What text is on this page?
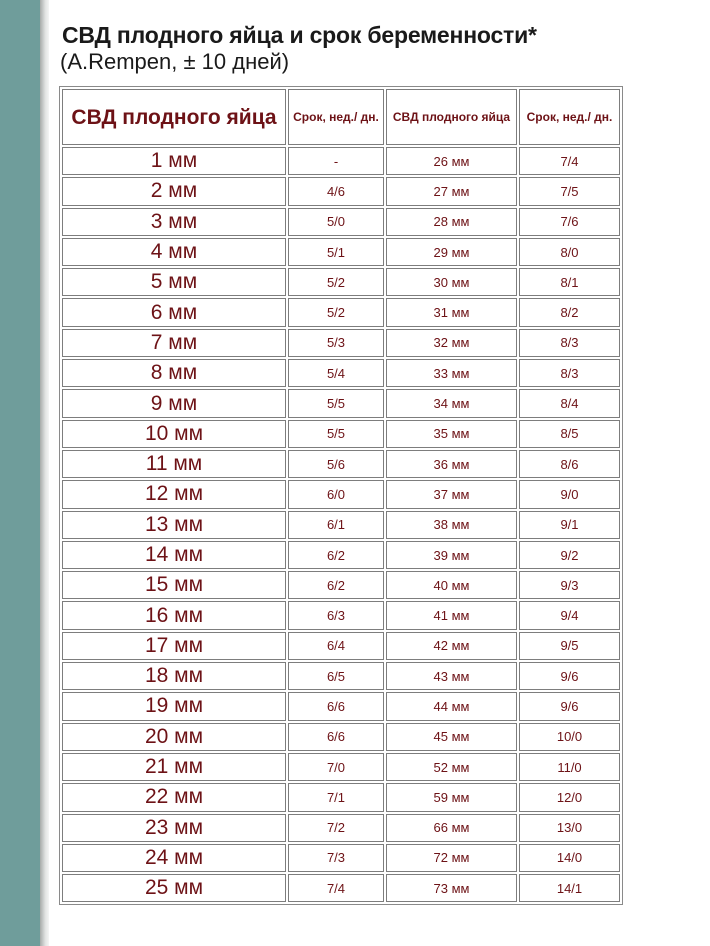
СВД плодного яйца и срок беременности*
(A.Rempen, ± 10 дней)
СВД плодного яйца	Срок, нед./ дн.	СВД плодного яйца	Срок, нед./ дн.
1 мм	-	26 мм	7/4
2 мм	4/6	27 мм	7/5
3 мм	5/0	28 мм	7/6
4 мм	5/1	29 мм	8/0
5 мм	5/2	30 мм	8/1
6 мм	5/2	31 мм	8/2
7 мм	5/3	32 мм	8/3
8 мм	5/4	33 мм	8/3
9 мм	5/5	34 мм	8/4
10 мм	5/5	35 мм	8/5
11 мм	5/6	36 мм	8/6
12 мм	6/0	37 мм	9/0
13 мм	6/1	38 мм	9/1
14 мм	6/2	39 мм	9/2
15 мм	6/2	40 мм	9/3
16 мм	6/3	41 мм	9/4
17 мм	6/4	42 мм	9/5
18 мм	6/5	43 мм	9/6
19 мм	6/6	44 мм	9/6
20 мм	6/6	45 мм	10/0
21 мм	7/0	52 мм	11/0
22 мм	7/1	59 мм	12/0
23 мм	7/2	66 мм	13/0
24 мм	7/3	72 мм	14/0
25 мм	7/4	73 мм	14/1
